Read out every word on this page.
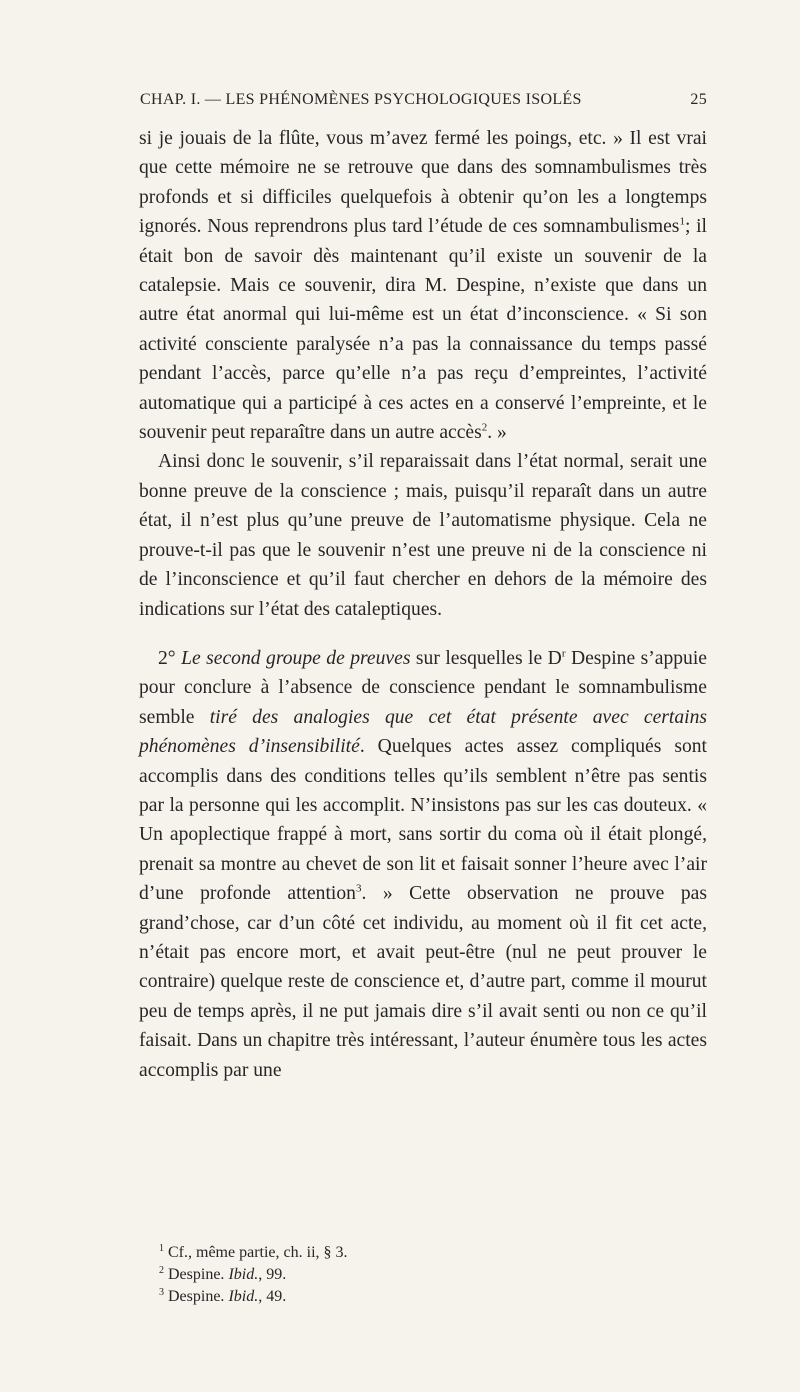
CHAP. I. — LES PHÉNOMÈNES PSYCHOLOGIQUES ISOLÉS	25

si je jouais de la flûte, vous m’avez fermé les poings, etc. » Il est vrai que cette mémoire ne se retrouve que dans des somnambulismes très profonds et si difficiles quelquefois à obtenir qu’on les a longtemps ignorés. Nous reprendrons plus tard l’étude de ces somnambulismes$^1$; il était bon de savoir dès maintenant qu’il existe un souvenir de la catalepsie. Mais ce souvenir, dira M. Despine, n’existe que dans un autre état anormal qui lui-même est un état d’inconscience. « Si son activité consciente paralysée n’a pas la connaissance du temps passé pendant l’accès, parce qu’elle n’a pas reçu d’empreintes, l’activité automatique qui a participé à ces actes en a conservé l’empreinte, et le souvenir peut reparaître dans un autre accès$^2$. »

Ainsi donc le souvenir, s’il reparaissait dans l’état normal, serait une bonne preuve de la conscience ; mais, puisqu’il reparaît dans un autre état, il n’est plus qu’une preuve de l’automatisme physique. Cela ne prouve-t-il pas que le souvenir n’est une preuve ni de la conscience ni de l’inconscience et qu’il faut chercher en dehors de la mémoire des indications sur l’état des cataleptiques.

2° Le second groupe de preuves sur lesquelles le $D^r$ Despine s’appuie pour conclure à l’absence de conscience pendant le somnambulisme semble tiré des analogies que cet état présente avec certains phénomènes d’insensibilité. Quelques actes assez compliqués sont accomplis dans des conditions telles qu’ils semblent n’être pas sentis par la personne qui les accomplit. N’insistons pas sur les cas douteux. « Un apoplectique frappé à mort, sans sortir du coma où il était plongé, prenait sa montre au chevet de son lit et faisait sonner l’heure avec l’air d’une profonde attention$^3$. » Cette observation ne prouve pas grand’chose, car d’un côté cet individu, au moment où il fit cet acte, n’était pas encore mort, et avait peut-être (nul ne peut prouver le contraire) quelque reste de conscience et, d’autre part, comme il mourut peu de temps après, il ne put jamais dire s’il avait senti ou non ce qu’il faisait. Dans un chapitre très intéressant, l’auteur énumère tous les actes accomplis par une

$^1$ Cf., même partie, ch. ii, § 3.
$^2$ Despine. Ibid., 99.
$^3$ Despine. Ibid., 49.
